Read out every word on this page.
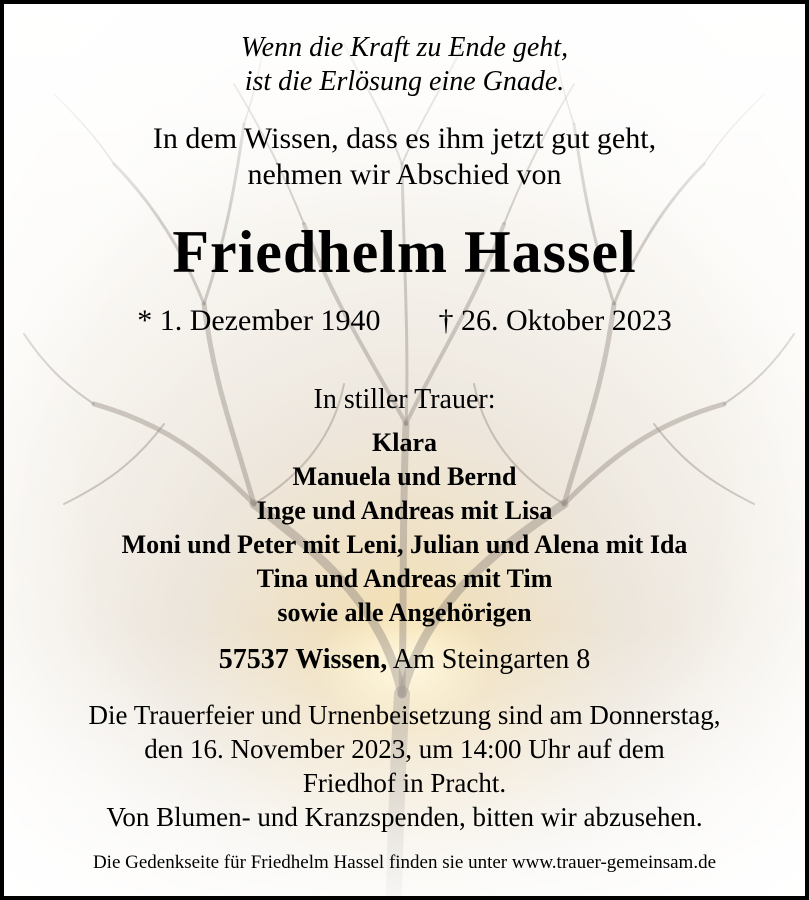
Wenn die Kraft zu Ende geht,
ist die Erlösung eine Gnade.
In dem Wissen, dass es ihm jetzt gut geht,
nehmen wir Abschied von
Friedhelm Hassel
* 1. Dezember 1940 † 26. Oktober 2023
In stiller Trauer:
Klara
Manuela und Bernd
Inge und Andreas mit Lisa
Moni und Peter mit Leni, Julian und Alena mit Ida
Tina und Andreas mit Tim
sowie alle Angehörigen
57537 Wissen, Am Steingarten 8
Die Trauerfeier und Urnenbeisetzung sind am Donnerstag,
den 16. November 2023, um 14:00 Uhr auf dem
Friedhof in Pracht.
Von Blumen- und Kranzspenden, bitten wir abzusehen.
Die Gedenkseite für Friedhelm Hassel finden sie unter www.trauer-gemeinsam.de
